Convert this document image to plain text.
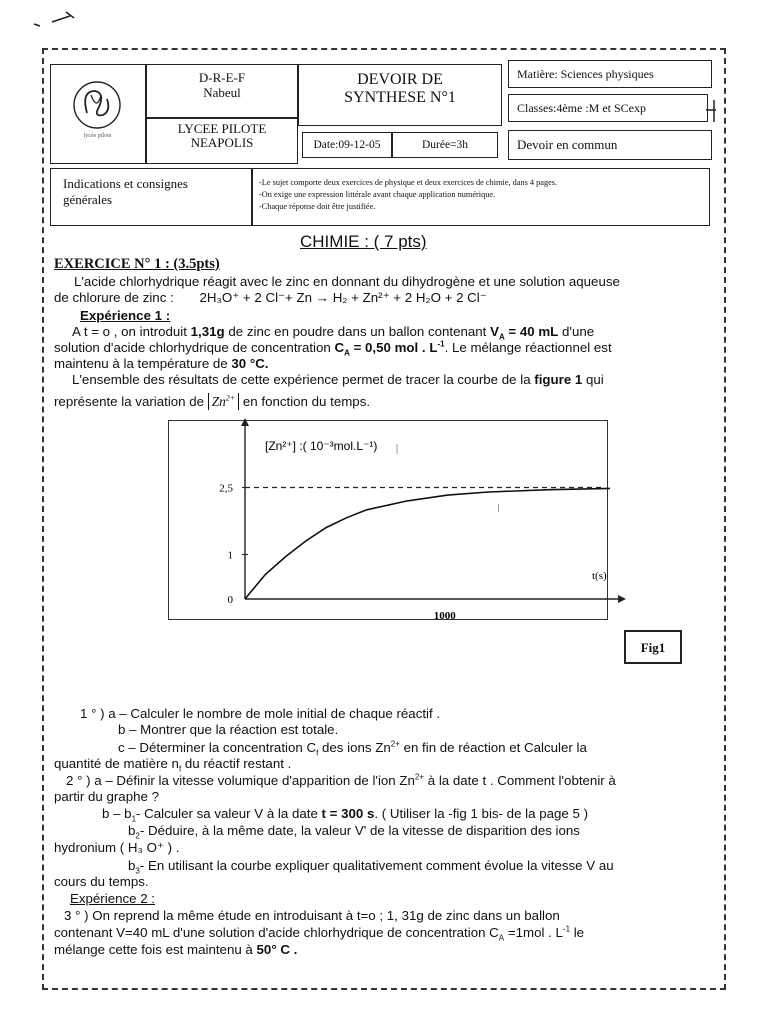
lycée pilote
D-R-E-F
Nabeul
LYCEE PILOTE
NEAPOLIS
DEVOIR DE
SYNTHESE N°1
Date:09-12-05	Durée=3h
Matière: Sciences physiques
Classes:4ème :M et SCexp
Devoir en commun
Indications et consignes
générales
-Le sujet comporte deux exercices de physique et deux exercices de chimie, dans 4 pages.
-On exige une expression littérale avant chaque application numérique.
-Chaque réponse doit être justifiée.
CHIMIE : ( 7 pts)
EXERCICE N° 1 : (3.5pts)
L'acide chlorhydrique réagit avec le zinc en donnant du dihydrogène et une solution aqueuse
de chlorure de zinc : 2H₃O⁺ + 2 Cl⁻+ Zn → H₂ + Zn²⁺ + 2 H₂O + 2 Cl⁻
Expérience 1 :
A t = o , on introduit 1,31g de zinc en poudre dans un ballon contenant $V_A = 40$ mL d'une
solution d'acide chlorhydrique de concentration $C_A = 0,50$ mol . $L^{-1}$. Le mélange réactionnel est
maintenu à la température de 30 °C.
L'ensemble des résultats de cette expérience permet de tracer la courbe de la figure 1 qui
représente la variation de $Zn^{2+}$ en fonction du temps.
2,5
1
0
1000
t(s)
[Zn²⁺] :( 10⁻³mol.L⁻¹)
Fig1
1 ° ) a – Calculer le nombre de mole initial de chaque réactif .
b – Montrer que la réaction est totale.
c – Déterminer la concentration $C_f$ des ions $Zn^{2+}$ en fin de réaction et Calculer la
quantité de matière $n_f$ du réactif restant .
2 ° ) a – Définir la vitesse volumique d'apparition de l'ion $Zn^{2+}$ à la date t . Comment l'obtenir à
partir du graphe ?
b – $b_1-$ Calculer sa valeur V à la date t = 300 s. ( Utiliser la -fig 1 bis- de la page 5 )
$b_2-$ Déduire, à la même date, la valeur V' de la vitesse de disparition des ions
hydronium ( H₃ O⁺ ) .
$b_3-$ En utilisant la courbe expliquer qualitativement comment évolue la vitesse V au
cours du temps.
Expérience 2 :
3 ° ) On reprend la même étude en introduisant à t=o ; 1, 31g de zinc dans un ballon
contenant V=40 mL d'une solution d'acide chlorhydrique de concentration $C_A =1mol$ . $L^{-1}$ le
mélange cette fois est maintenu à 50° C .
